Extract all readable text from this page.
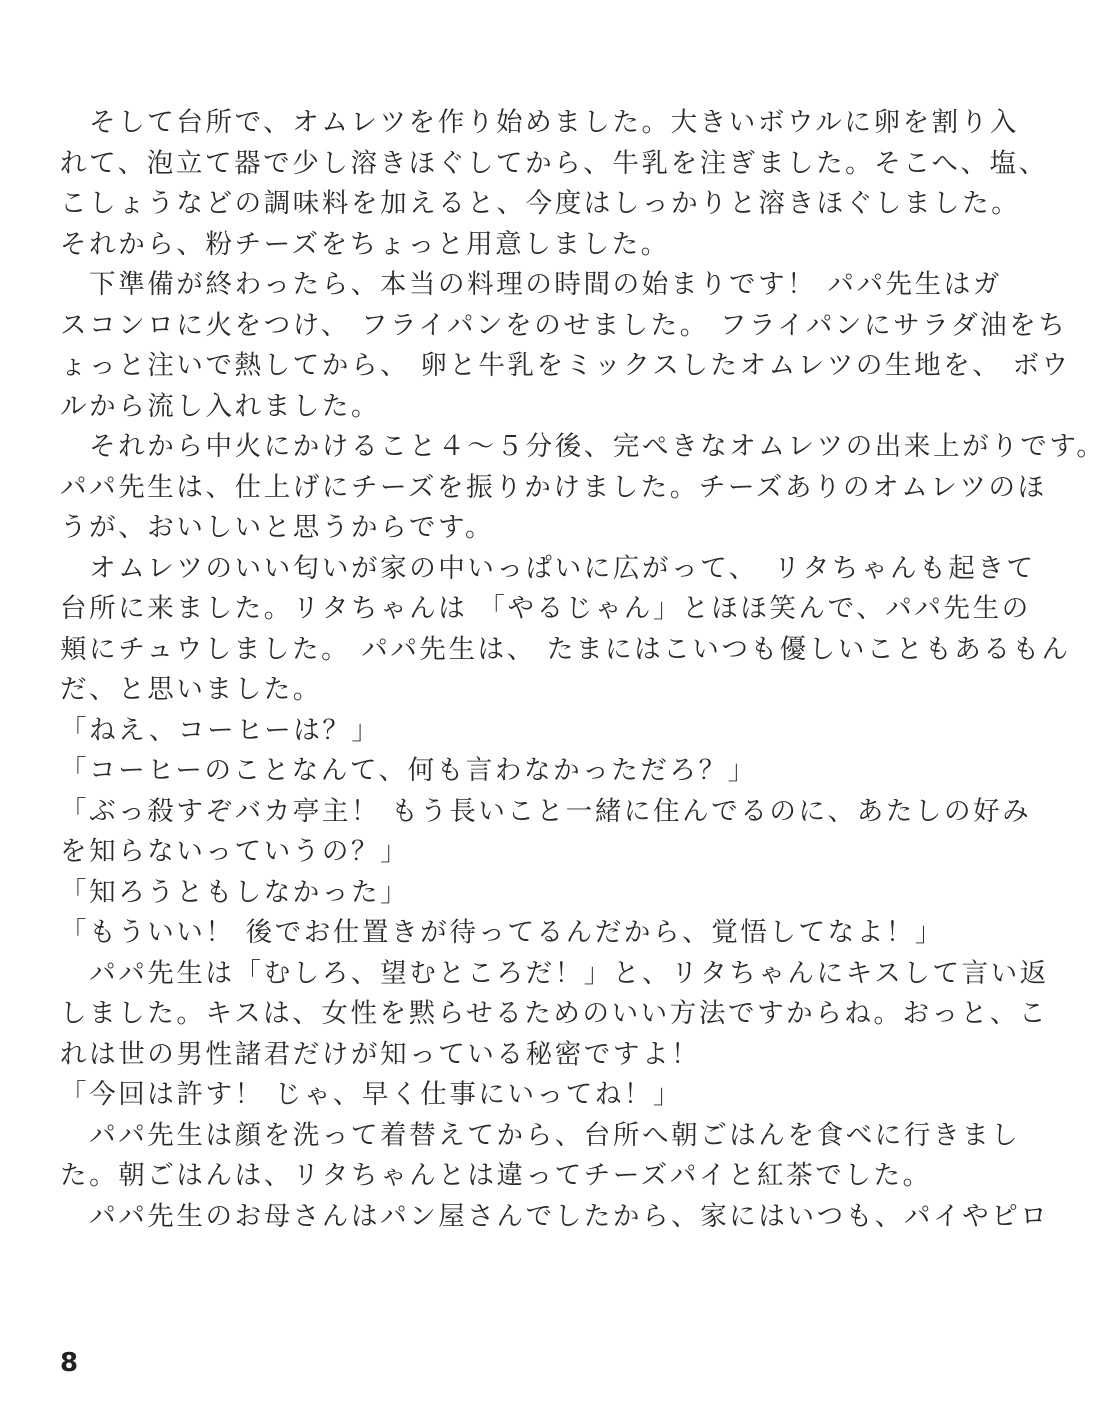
　そして台所で、オムレツを作り始めました。大きいボウルに卵を割り入
れて、泡立て器で少し溶きほぐしてから、牛乳を注ぎました。そこへ、塩、
こしょうなどの調味料を加えると、今度はしっかりと溶きほぐしました。
それから、粉チーズをちょっと用意しました。
　下準備が終わったら、本当の料理の時間の始まりです！ パパ先生はガ
スコンロに火をつけ、 フライパンをのせました。 フライパンにサラダ油をち
ょっと注いで熱してから、 卵と牛乳をミックスしたオムレツの生地を、 ボウ
ルから流し入れました。
　それから中火にかけること４～５分後、完ぺきなオムレツの出来上がりです。
パパ先生は、仕上げにチーズを振りかけました。チーズありのオムレツのほ
うが、おいしいと思うからです。
　オムレツのいい匂いが家の中いっぱいに広がって、　リタちゃんも起きて
台所に来ました。リタちゃんは 「やるじゃん」とほほ笑んで、パパ先生の
頬にチュウしました。 パパ先生は、 たまにはこいつも優しいこともあるもん
だ、と思いました。
「ねえ、コーヒーは？」
「コーヒーのことなんて、何も言わなかっただろ？」
「ぶっ殺すぞバカ亭主！ もう長いこと一緒に住んでるのに、あたしの好み
を知らないっていうの？」
「知ろうともしなかった」
「もういい！ 後でお仕置きが待ってるんだから、覚悟してなよ！」
　パパ先生は「むしろ、望むところだ！」と、リタちゃんにキスして言い返
しました。キスは、女性を黙らせるためのいい方法ですからね。おっと、こ
れは世の男性諸君だけが知っている秘密ですよ！
「今回は許す！ じゃ、早く仕事にいってね！」
　パパ先生は顔を洗って着替えてから、台所へ朝ごはんを食べに行きまし
た。朝ごはんは、リタちゃんとは違ってチーズパイと紅茶でした。
　パパ先生のお母さんはパン屋さんでしたから、家にはいつも、パイやピロ
8
